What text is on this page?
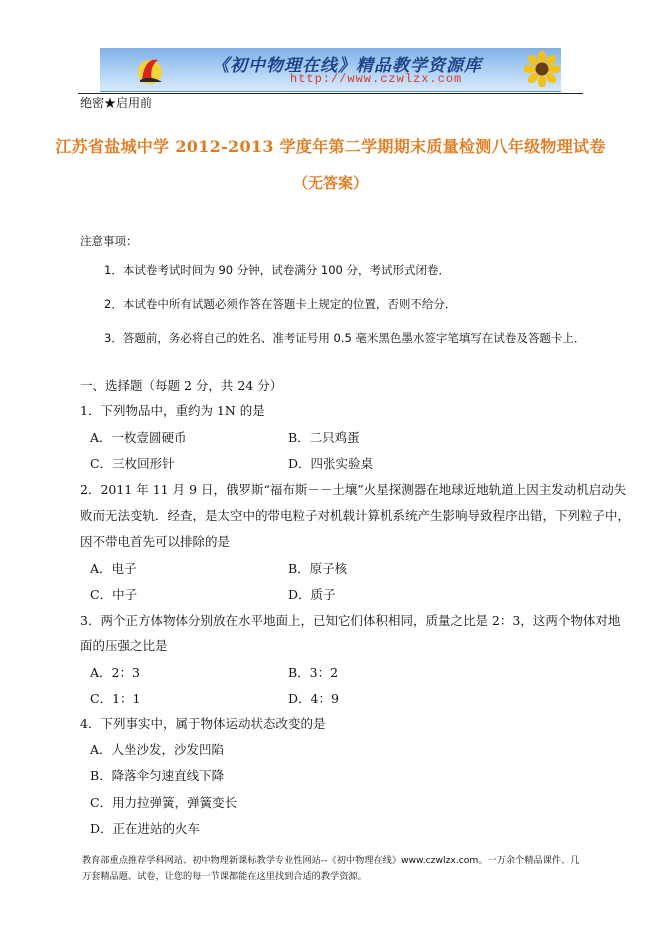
《初中物理在线》精品教学资源库
http://www.czwlzx.com
绝密★启用前
江苏省盐城中学 2012-2013 学度年第二学期期末质量检测八年级物理试卷
（无答案）
注意事项：
1．本试卷考试时间为 90 分钟，试卷满分 100 分，考试形式闭卷．
2．本试卷中所有试题必须作答在答题卡上规定的位置，否则不给分．
3．答题前，务必将自己的姓名、准考证号用 0.5 毫米黑色墨水签字笔填写在试卷及答题卡上．
一、选择题（每题 2 分，共 24 分）
1．下列物品中，重约为 1N 的是
A．一枚壹圆硬币	B．二只鸡蛋
C．三枚回形针	D．四张实验桌
2．2011 年 11 月 9 日，俄罗斯“福布斯－－土壤”火星探测器在地球近地轨道上因主发动机启动失
败而无法变轨．经查，是太空中的带电粒子对机载计算机系统产生影响导致程序出错，下列粒子中，
因不带电首先可以排除的是
A．电子	B．原子核
C．中子	D．质子
3．两个正方体物体分别放在水平地面上，已知它们体积相同，质量之比是 2：3，这两个物体对地
面的压强之比是
A．2：3	B．3：2
C．1：1	D．4：9
4．下列事实中，属于物体运动状态改变的是
A．人坐沙发，沙发凹陷
B．降落伞匀速直线下降
C．用力拉弹簧，弹簧变长
D．正在进站的火车
教育部重点推荐学科网站、初中物理新课标教学专业性网站--《初中物理在线》www.czwlzx.com。一万余个精品课件、几万套精品题、试卷，让您的每一节课都能在这里找到合适的教学资源。
